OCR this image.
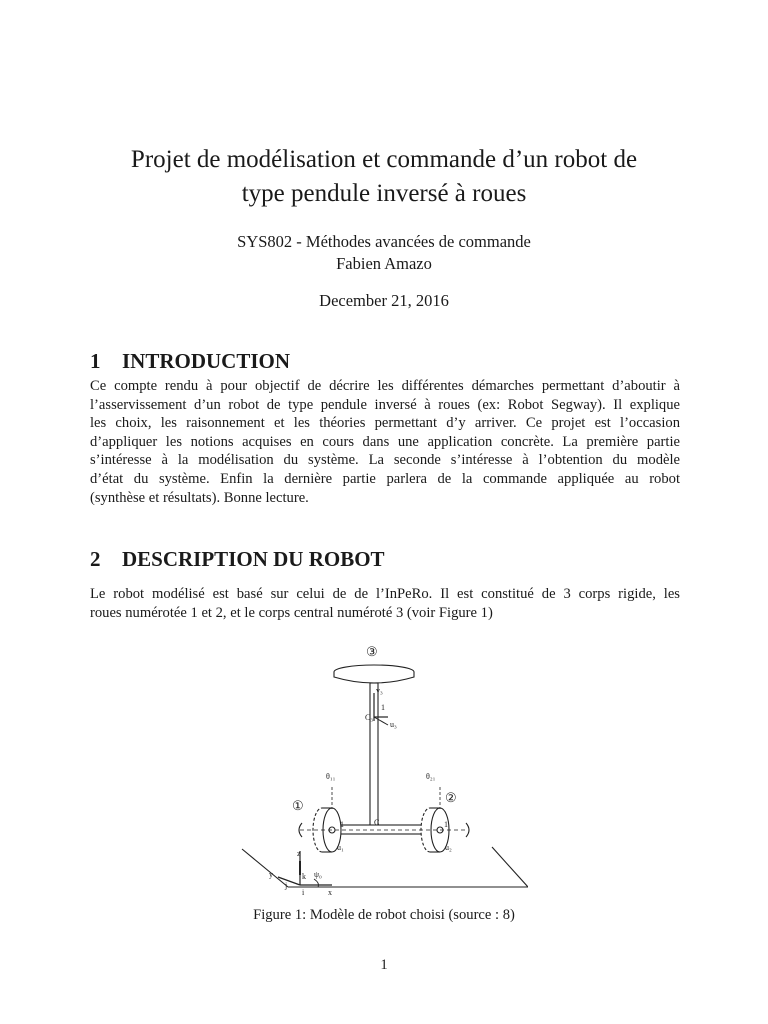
Projet de modélisation et commande d’un robot de
type pendule inversé à roues
SYS802 - Méthodes avancées de commande
Fabien Amazo
December 21, 2016
1 INTRODUCTION
Ce compte rendu à pour objectif de décrire les différentes démarches permettant d’aboutir à
l’asservissement d’un robot de type pendule inversé à roues (ex: Robot Segway). Il explique
les choix, les raisonnement et les théories permettant d’y arriver. Ce projet est l’occasion
d’appliquer les notions acquises en cours dans une application concrète. La première partie
s’intéresse à la modélisation du système. La seconde s’intéresse à l’obtention du modèle
d’état du système. Enfin la dernière partie parlera de la commande appliquée au robot
(synthèse et résultats). Bonne lecture.
2 DESCRIPTION DU ROBOT
Le robot modélisé est basé sur celui de de l’InPeRo. Il est constitué de 3 corps rigide, les
roues numérotée 1 et 2, et le corps central numéroté 3 (voir Figure 1)
③
①
②
v₃
1
C₃
u₃
θ₁₁	θ₂₁
C
1	1
u₁	u₂
z
k
y
j
ψ₀
i	x
Figure 1: Modèle de robot choisi (source : 8)
1
